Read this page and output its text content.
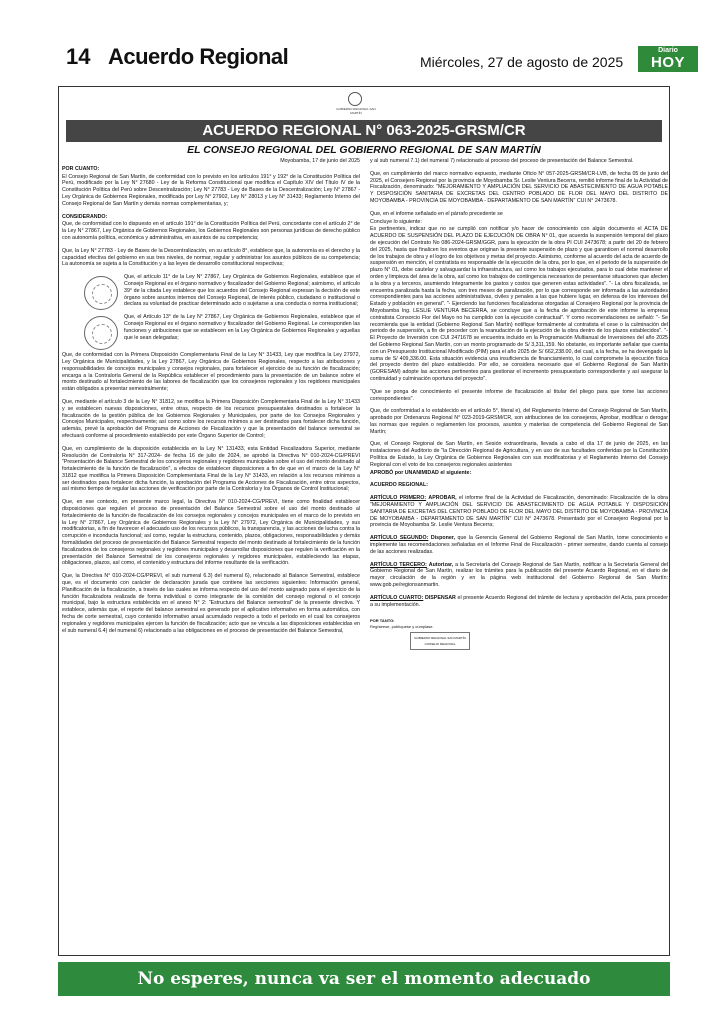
14 Acuerdo Regional	Miércoles, 27 de agosto de 2025
Diario
HOY
GOBIERNO REGIONAL SAN MARTÍN
ACUERDO REGIONAL N° 063-2025-GRSM/CR
EL CONSEJO REGIONAL DEL GOBIERNO REGIONAL DE SAN MARTÍN
Moyobamba, 17 de junio del 2025
POR CUANTO:
El Consejo Regional de San Martín, de conformidad con lo previsto en los artículos 191° y 192° de la Constitución Política del Perú, modificado por la Ley N° 27680 - Ley de la Reforma Constitucional que modifica el Capítulo XIV del Título IV de la Constitución Política del Perú sobre Descentralización; Ley N° 27783 - Ley de Bases de la Descentralización; Ley N° 27867 - Ley Orgánica de Gobiernos Regionales, modificada por Ley N° 27902, Ley N° 28013 y Ley N° 31433; Reglamento Interno del Consejo Regional de San Martín y demás normas complementarias, y;
CONSIDERANDO:
Que, de conformidad con lo dispuesto en el artículo 191° de la Constitución Política del Perú, concordante con el artículo 2° de la Ley N° 27867, Ley Orgánica de Gobiernos Regionales, los Gobiernos Regionales son personas jurídicas de derecho público con autonomía política, económica y administrativa, en asuntos de su competencia;
Que, la Ley N° 27783 - Ley de Bases de la Descentralización, en su artículo 8°, establece que, la autonomía es el derecho y la capacidad efectiva del gobierno en sus tres niveles, de normar, regular y administrar los asuntos públicos de su competencia; La autonomía se sujeta a la Constitución y a las leyes de desarrollo constitucional respectivas;
Que, el artículo 11° de la Ley N° 27867, Ley Orgánica de Gobiernos Regionales, establece que el Consejo Regional es el órgano normativo y fiscalizador del Gobierno Regional; asimismo, el artículo 39° de la citada Ley establece que los acuerdos del Consejo Regional expresan la decisión de este órgano sobre asuntos internos del Consejo Regional, de interés público, ciudadano o institucional o declara su voluntad de practicar determinado acto o sujetarse a una conducta o norma institucional;
Que, el Artículo 13° de la Ley N° 27867, Ley Orgánica de Gobiernos Regionales, establece que el Consejo Regional es el órgano normativo y fiscalizador del Gobierno Regional. Le corresponden las funciones y atribuciones que se establecen en la Ley Orgánica de Gobiernos Regionales y aquellas que le sean delegadas;
Que, de conformidad con la Primera Disposición Complementaria Final de la Ley N° 31433, Ley que modifica la Ley 27972, Ley Orgánica de Municipalidades, y la Ley 27867, Ley Orgánica de Gobiernos Regionales, respecto a las atribuciones y responsabilidades de concejos municipales y consejos regionales, para fortalecer el ejercicio de su función de fiscalización; encarga a la Contraloría General de la República establecer el procedimiento para la presentación de un balance sobre el monto destinado al fortalecimiento de las labores de fiscalización que los consejeros regionales y los regidores municipales están obligados a presentar semestralmente;
Que, mediante el artículo 3 de la Ley N° 31812, se modifica la Primera Disposición Complementaria Final de la Ley N° 31433 y se establecen nuevas disposiciones, entre otras, respecto de los recursos presupuestales destinados a fortalecer la fiscalización de la gestión pública de los Gobiernos Regionales y Municipales, por parte de los Consejos Regionales y Concejos Municipales, respectivamente; así como sobre los recursos mínimos a ser destinados para fortalecer dicha función, además, prevé la aprobación del Programa de Acciones de Fiscalización y que la presentación del balance semestral se efectuará conforme al procedimiento establecido por este Órgano Superior de Control;
Que, en cumplimiento de la disposición establecida en la Ley N° 131433, esta Entidad Fiscalizadora Superior, mediante Resolución de Contraloría N° 317-2024- de fecha 16 de julio de 2024, se aprobó la Directiva N° 010-2024-CG/PREVI "Presentación de Balance Semestral de los concejeros regionales y regidores municipales sobre el uso del monto destinado al fortalecimiento de la función de fiscalización", a efectos de establecer disposiciones a fin de que en el marco de la Ley N° 31812 que modifica la Primera Disposición Complementaria Final de la Ley N° 31433, en relación a los recursos mínimos a ser destinados para fortalecer dicha función, la aprobación del Programa de Acciones de Fiscalización, entre otros aspectos, así mismo tiempo de regular las acciones de verificación por parte de la Contraloría y los Órganos de Control Institucional;
Que, en ese contexto, en presente marco legal, la Directiva N° 010-2024-CG/PREVI, tiene como finalidad establecer disposiciones que regulen el proceso de presentación del Balance Semestral sobre el uso del monto destinado al fortalecimiento de la función de fiscalización de los consejos regionales y concejos municipales en el marco de lo previsto en la Ley N° 27867, Ley Orgánica de Gobiernos Regionales y la Ley N° 27972, Ley Orgánica de Municipalidades, y sus modificatorias, a fin de favorecer el adecuado uso de los recursos públicos, la transparencia, y las acciones de lucha contra la corrupción e inconducta funcional; así como, regular la estructura, contenido, plazos, obligaciones, responsabilidades y demás formalidades del proceso de presentación del Balance Semestral respecto del monto destinado al fortalecimiento de la función fiscalizadora de los consejeros regionales y regidores municipales y desarrollar disposiciones que regulen la verificación en la presentación del Balance Semestral de los consejeros regionales y regidores municipales, estableciendo las etapas, obligaciones, plazos, así como, el contenido y estructura del informe resultante de la verificación.
Que, la Directiva N° 010-2024-CG/PREVI, el sub numeral 6.3) del numeral 6), relacionado al Balance Semestral, establece que, es el documento con carácter de declaración jurada que contiene las secciones siguientes: Información general, Planificación de la fiscalización, a través de las cuales se informa respecto del uso del monto asignado para el ejercicio de la función fiscalizadora realizada de forma individual o como integrante de la comisión del consejo regional o el concejo municipal, bajo la estructura establecida en el anexo N° 2: "Estructura del Balance semestral" de la presente directiva. Y establece, además que, el reporte del balance semestral es generado por el aplicativo informativo en forma automática, con fecha de corte semestral, cuyo contenido informativo anual acumulado respecto a todo el período en el cual los consejeros regionales y regidores municipales ejercen la función de fiscalización; acto que se vincula a las disposiciones establecidas en el sub numeral 6.4) del numeral 6) relacionado a las obligaciones en el proceso de presentación del Balance Semestral,
y al sub numeral 7.1) del numeral 7) relacionado al proceso del proceso de presentación del Balance Semestral.
Que, en cumplimiento del marco normativo expuesto, mediante Oficio N° 057-2025-GRSM/CR-LVB, de fecha 05 de junio del 2025, el Consejero Regional por la provincia de Moyobamba Sr. Leslie Ventura Becerra, remitió informe final de la Actividad de Fiscalización, denominado: "MEJORAMIENTO Y AMPLIACIÓN DEL SERVICIO DE ABASTECIMIENTO DE AGUA POTABLE Y DISPOSICIÓN SANITARIA DE EXCRETAS DEL CENTRO POBLADO DE FLOR DEL MAYO DEL DISTRITO DE MOYOBAMBA - PROVINCIA DE MOYOBAMBA - DEPARTAMENTO DE SAN MARTÍN" CUI N° 2473678.
Que, en el informe señalado en el párrafo precedente se
Concluye lo siguiente:
Es pertinentes, indicar que no se cumplió con notificar y/o hacer de conocimiento con algún documento el ACTA DE ACUERDO DE SUSPENSIÓN DEL PLAZO DE EJECUCIÓN DE OBRA N° 01, que acuerda la suspensión temporal del plazo de ejecución del Contrato No 086-2024-GRSM/GGR, para la ejecución de la obra PI CUI 2473678; a partir del 20 de febrero del 2025, hasta que finalicen los eventos que originan la presente suspensión de plazo y que garanticen el normal desarrollo de los trabajos de obra y el logro de los objetivos y metas del proyecto. Asimismo, conforme al acuerdo del acta de acuerdo de suspensión en mención, el contratista es responsable de la ejecución de la obra, por lo que, en el periodo de la suspensión de plazo N° 01, debe cautelar y salvaguardar la infraestructura, así como los trabajos ejecutados, para lo cual debe mantener el orden y limpieza del área de la obra, así como los trabajos de contingencia necesarios de presentarse situaciones que afecten a la obra y a terceros, asumiendo íntegramente los gastos y costos que generen estas actividades". "- La obra fiscalizada, se encuentra paralizada hasta la fecha, son tres meses de paralización, por lo que corresponde ser informada a las autoridades correspondientes para las acciones administrativas, civiles y penales a las que hubiere lugar, en defensa de los intereses del Estado y población en general". "- Ejerciendo las funciones fiscalizadoras otorgadas al Consejero Regional por la provincia de Moyobamba Ing. LESLIE VENTURA BECERRA, se concluye que a la fecha de aprobación de este informe la empresa contratista Consorcio Flor del Mayo no ha cumplido con la ejecución contractual". Y como recomendaciones se señaló: "- Se recomienda que la entidad (Gobierno Regional San Martín) notifique formalmente al contratista el cese o la culminación del periodo de suspensión, a fin de proceder con la reanudación de la ejecución de la obra dentro de los plazos establecidos". "- El Proyecto de Inversión con CUI 2471678 se encuentra incluido en la Programación Multianual de Inversiones del año 2025 del Gobierno Regional San Martín, con un monto programado de S/ 3,311,159. No obstante, es importante señalar que cuenta con un Presupuesto Institucional Modificado (PIM) para el año 2025 de S/ 662,238.00, del cual, a la fecha, se ha devengado la suma de S/ 409,336.00. Esta situación evidencia una insuficiencia de financiamiento, lo cual compromete la ejecución física del proyecto dentro del plazo establecido. Por ello, se considera necesario que el Gobierno Regional de San Martín (GORESAM) adopte las acciones pertinentes para gestionar el incremento presupuestario correspondiente y así asegurar la continuidad y culminación oportuna del proyecto".
"Que se ponga de conocimiento el presente informe de fiscalización al titular del pliego para que tome las acciones correspondientes".
Que, de conformidad a lo establecido en el artículo 5°, literal e), del Reglamento Interno del Consejo Regional de San Martín, aprobado por Ordenanza Regional N° 023-2019-GRSM/CR, son atribuciones de los consejeros, Aprobar, modificar o derogar las normas que regulen o reglamenten los procesos, asuntos y materias de competencia del Gobierno Regional de San Martín;
Que, el Consejo Regional de San Martín, en Sesión extraordinaria, llevada a cabo el día 17 de junio de 2025, en las instalaciones del Auditorio de "la Dirección Regional de Agricultura, y en uso de sus facultades conferidas por la Constitución Política de Estado, la Ley Orgánica de Gobiernos Regionales con sus modificatorias y el Reglamento Interno del Consejo Regional con el voto de los consejeros regionales asistentes
APROBÓ por UNANIMIDAD el siguiente:
ACUERDO REGIONAL:
ARTÍCULO PRIMERO: APROBAR, el informe final de la Actividad de Fiscalización, denominado: Fiscalización de la obra "MEJORAMIENTO Y AMPLIACIÓN DEL SERVICIO DE ABASTECIMIENTO DE AGUA POTABLE Y DISPOSICIÓN SANITARIA DE EXCRETAS DEL CENTRO POBLADO DE FLOR DEL MAYO DEL DISTRITO DE MOYOBAMBA - PROVINCIA DE MOYOBAMBA - DEPARTAMENTO DE SAN MARTÍN" CUI N° 2473678. Presentado por el Consejero Regional por la provincia de Moyobamba Sr. Leslie Ventura Becerra;
ARTÍCULO SEGUNDO: Disponer, que la Gerencia General del Gobierno Regional de San Martín, tome conocimiento e implemente las recomendaciones señaladas en el Informe Final de Fiscalización - primer semestre, dando cuenta al consejo de las acciones realizadas.
ARTÍCULO TERCERO: Autorizar, a la Secretaría del Consejo Regional de San Martín, notificar a la Secretaría General del Gobierno Regional de San Martín, realizar los trámites para la publicación del presente Acuerdo Regional, en el diario de mayor circulación de la región y en la página web institucional del Gobierno Regional de San Martín: www.gob.pe/regionsanmartin.
ARTÍCULO CUARTO: DISPENSAR el presente Acuerdo Regional del trámite de lectura y aprobación del Acta, para proceder a su implementación.
POR TANTO:
Regístrese, publíquese y cúmplase.
GOBIERNO REGIONAL SAN MARTÍN CONSEJO REGIONAL
No esperes, nunca va ser el momento adecuado
